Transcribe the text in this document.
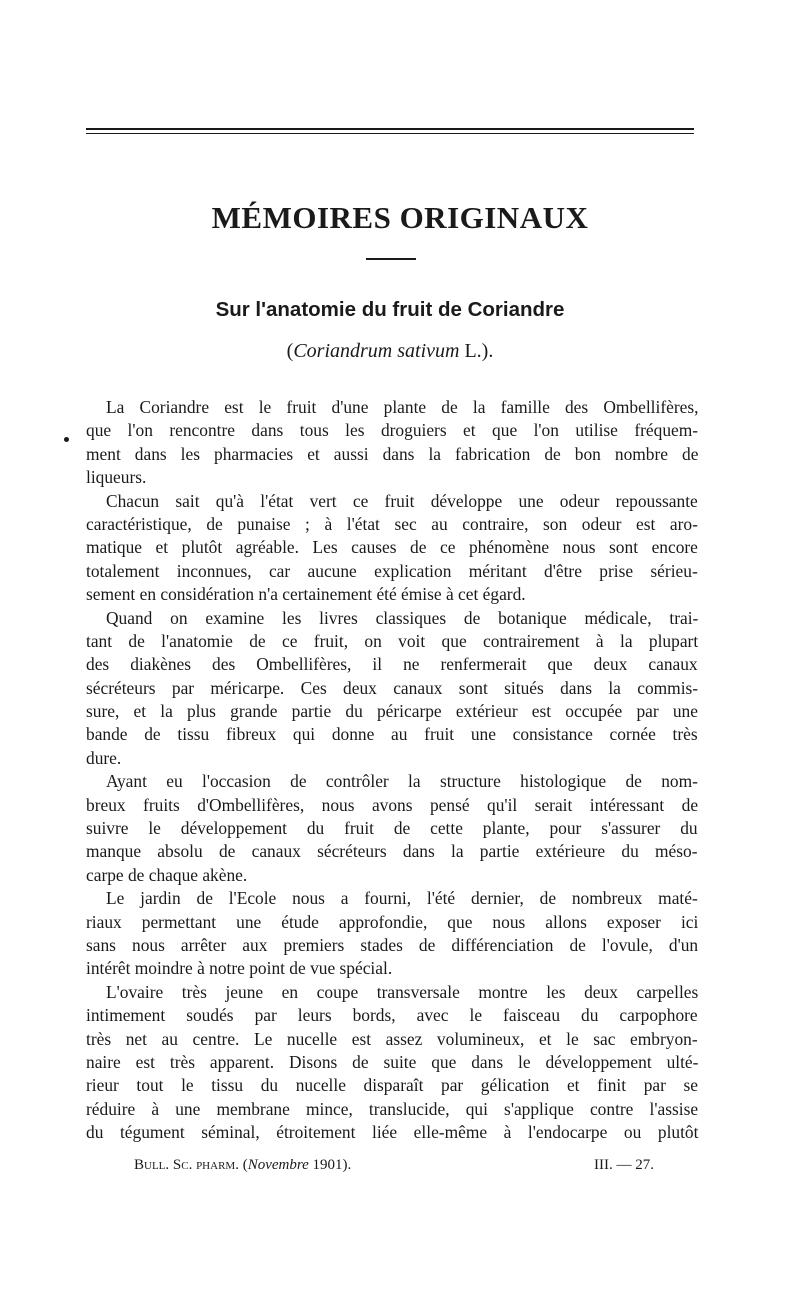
MÉMOIRES ORIGINAUX
Sur l'anatomie du fruit de Coriandre

(Coriandrum sativum L.).

La Coriandre est le fruit d'une plante de la famille des Ombellifères,
que l'on rencontre dans tous les droguiers et que l'on utilise fréquem-
ment dans les pharmacies et aussi dans la fabrication de bon nombre de
liqueurs.
Chacun sait qu'à l'état vert ce fruit développe une odeur repoussante
caractéristique, de punaise ; à l'état sec au contraire, son odeur est aro-
matique et plutôt agréable. Les causes de ce phénomène nous sont encore
totalement inconnues, car aucune explication méritant d'être prise sérieu-
sement en considération n'a certainement été émise à cet égard.
Quand on examine les livres classiques de botanique médicale, trai-
tant de l'anatomie de ce fruit, on voit que contrairement à la plupart
des diakènes des Ombellifères, il ne renfermerait que deux canaux
sécréteurs par méricarpe. Ces deux canaux sont situés dans la commis-
sure, et la plus grande partie du péricarpe extérieur est occupée par une
bande de tissu fibreux qui donne au fruit une consistance cornée très
dure.
Ayant eu l'occasion de contrôler la structure histologique de nom-
breux fruits d'Ombellifères, nous avons pensé qu'il serait intéressant de
suivre le développement du fruit de cette plante, pour s'assurer du
manque absolu de canaux sécréteurs dans la partie extérieure du méso-
carpe de chaque akène.
Le jardin de l'Ecole nous a fourni, l'été dernier, de nombreux maté-
riaux permettant une étude approfondie, que nous allons exposer ici
sans nous arrêter aux premiers stades de différenciation de l'ovule, d'un
intérêt moindre à notre point de vue spécial.
L'ovaire très jeune en coupe transversale montre les deux carpelles
intimement soudés par leurs bords, avec le faisceau du carpophore
très net au centre. Le nucelle est assez volumineux, et le sac embryon-
naire est très apparent. Disons de suite que dans le développement ulté-
rieur tout le tissu du nucelle disparaît par gélication et finit par se
réduire à une membrane mince, translucide, qui s'applique contre l'assise
du tégument séminal, étroitement liée elle-même à l'endocarpe ou plutôt
Bull. Sc. pharm. (Novembre 1901).	III. — 27.
